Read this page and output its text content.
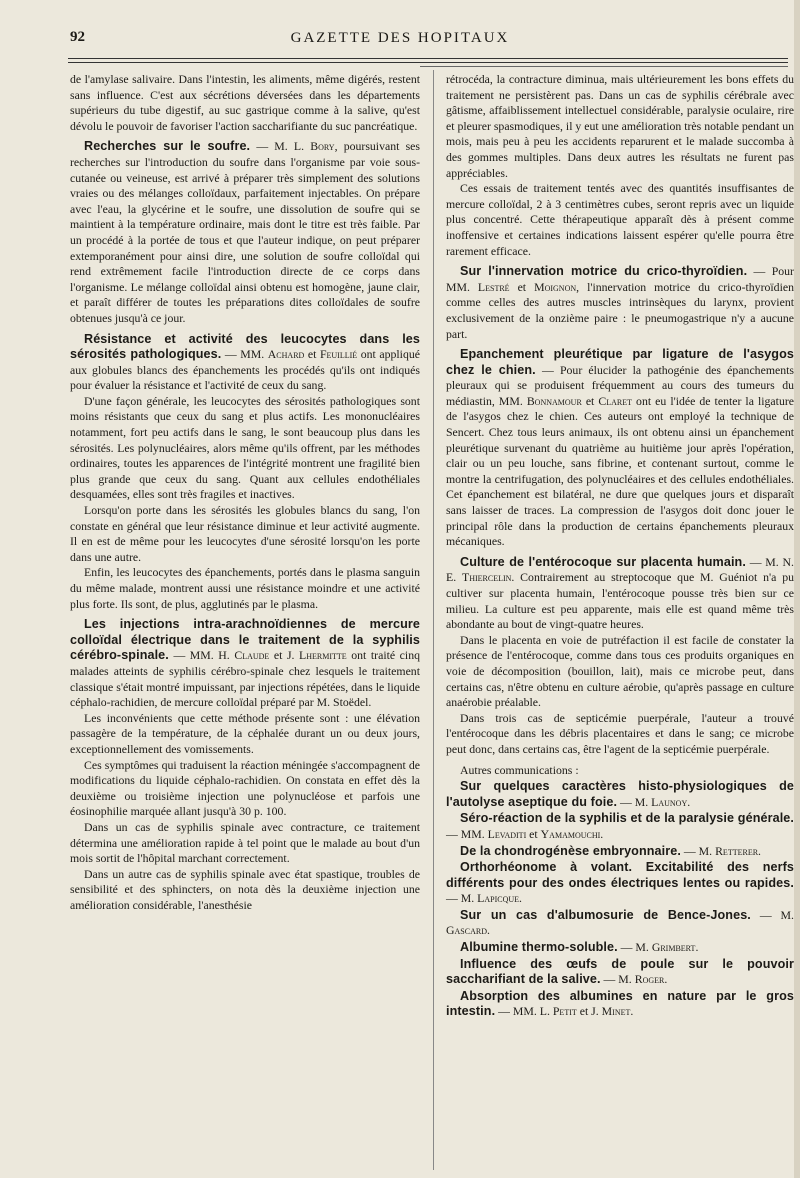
92	GAZETTE DES HOPITAUX

de l'amylase salivaire. Dans l'intestin, les aliments, même digérés, restent sans influence. C'est aux sécrétions déversées dans les départements supérieurs du tube digestif, au suc gastrique comme à la salive, qu'est dévolu le pouvoir de favoriser l'action saccharifiante du suc pancréatique.

Recherches sur le soufre. — M. L. Bory, poursuivant ses recherches sur l'introduction du soufre dans l'organisme par voie sous-cutanée ou veineuse, est arrivé à préparer très simplement des solutions vraies ou des mélanges colloïdaux, parfaitement injectables. On prépare avec l'eau, la glycérine et le soufre, une dissolution de soufre qui se maintient à la température ordinaire, mais dont le titre est très faible. Par un procédé à la portée de tous et que l'auteur indique, on peut préparer extemporanément pour ainsi dire, une solution de soufre colloïdal qui rend extrêmement facile l'introduction directe de ce corps dans l'organisme. Le mélange colloïdal ainsi obtenu est homogène, jaune clair, et paraît différer de toutes les préparations dites colloïdales de soufre obtenues jusqu'à ce jour.

Résistance et activité des leucocytes dans les sérosités pathologiques. — MM. Achard et Feuillié ont appliqué aux globules blancs des épanchements les procédés qu'ils ont indiqués pour évaluer la résistance et l'activité de ceux du sang.

D'une façon générale, les leucocytes des sérosités pathologiques sont moins résistants que ceux du sang et plus actifs. Les mononucléaires notamment, fort peu actifs dans le sang, le sont beaucoup plus dans les sérosités. Les polynucléaires, alors même qu'ils offrent, par les méthodes ordinaires, toutes les apparences de l'intégrité montrent une fragilité bien plus grande que ceux du sang. Quant aux cellules endothéliales desquamées, elles sont très fragiles et inactives.

Lorsqu'on porte dans les sérosités les globules blancs du sang, l'on constate en général que leur résistance diminue et leur activité augmente. Il en est de même pour les leucocytes d'une sérosité lorsqu'on les porte dans une autre.

Enfin, les leucocytes des épanchements, portés dans le plasma sanguin du même malade, montrent aussi une résistance moindre et une activité plus forte. Ils sont, de plus, agglutinés par le plasma.

Les injections intra-arachnoïdiennes de mercure colloïdal électrique dans le traitement de la syphilis cérébro-spinale. — MM. H. Claude et J. Lhermitte ont traité cinq malades atteints de syphilis cérébro-spinale chez lesquels le traitement classique s'était montré impuissant, par injections répétées, dans le liquide céphalo-rachidien, de mercure colloïdal préparé par M. Stoëdel.

Les inconvénients que cette méthode présente sont : une élévation passagère de la température, de la céphalée durant un ou deux jours, exceptionnellement des vomissements.

Ces symptômes qui traduisent la réaction méningée s'accompagnent de modifications du liquide céphalo-rachidien. On constata en effet dès la deuxième ou troisième injection une polynucléose et parfois une éosinophilie marquée allant jusqu'à 30 p. 100.

Dans un cas de syphilis spinale avec contracture, ce traitement détermina une amélioration rapide à tel point que le malade au bout d'un mois sortit de l'hôpital marchant correctement.

Dans un autre cas de syphilis spinale avec état spastique, troubles de sensibilité et des sphincters, on nota dès la deuxième injection une amélioration considérable, l'anesthésie

rétrocéda, la contracture diminua, mais ultérieurement les bons effets du traitement ne persistèrent pas. Dans un cas de syphilis cérébrale avec gâtisme, affaiblissement intellectuel considérable, paralysie oculaire, rire et pleurer spasmodiques, il y eut une amélioration très notable pendant un mois, mais peu à peu les accidents reparurent et le malade succomba à des gommes multiples. Dans deux autres les résultats ne furent pas appréciables.

Ces essais de traitement tentés avec des quantités insuffisantes de mercure colloïdal, 2 à 3 centimètres cubes, seront repris avec un liquide plus concentré. Cette thérapeutique apparaît dès à présent comme inoffensive et certaines indications laissent espérer qu'elle pourra être rarement efficace.

Sur l'innervation motrice du crico-thyroïdien. — Pour MM. Lestré et Moignon, l'innervation motrice du crico-thyroïdien comme celles des autres muscles intrinsèques du larynx, provient exclusivement de la onzième paire : le pneumogastrique n'y a aucune part.

Epanchement pleurétique par ligature de l'asygos chez le chien. — Pour élucider la pathogénie des épanchements pleuraux qui se produisent fréquemment au cours des tumeurs du médiastin, MM. Bonnamour et Claret ont eu l'idée de tenter la ligature de l'asygos chez le chien. Ces auteurs ont employé la technique de Sencert. Chez tous leurs animaux, ils ont obtenu ainsi un épanchement pleurétique survenant du quatrième au huitième jour après l'opération, clair ou un peu louche, sans fibrine, et contenant surtout, comme le montre la centrifugation, des polynucléaires et des cellules endothéliales. Cet épanchement est bilatéral, ne dure que quelques jours et disparaît sans laisser de traces. La compression de l'asygos doit donc jouer le principal rôle dans la production de certains épanchements pleuraux mécaniques.

Culture de l'entérocoque sur placenta humain. — M. N. E. Thiercelin. Contrairement au streptocoque que M. Guéniot n'a pu cultiver sur placenta humain, l'entérocoque pousse très bien sur ce milieu. La culture est peu apparente, mais elle est quand même très abondante au bout de vingt-quatre heures.

Dans le placenta en voie de putréfaction il est facile de constater la présence de l'entérocoque, comme dans tous ces produits organiques en voie de décomposition (bouillon, lait), mais ce microbe peut, dans certains cas, n'être obtenu en culture aérobie, qu'après passage en culture anaérobie préalable.

Dans trois cas de septicémie puerpérale, l'auteur a trouvé l'entérocoque dans les débris placentaires et dans le sang; ce microbe peut donc, dans certains cas, être l'agent de la septicémie puerpérale.

Autres communications :

Sur quelques caractères histo-physiologiques de l'autolyse aseptique du foie. — M. Launoy.

Séro-réaction de la syphilis et de la paralysie générale. — MM. Levaditi et Yamamouchi.

De la chondrogénèse embryonnaire. — M. Retterer.

Orthorhéonome à volant. Excitabilité des nerfs différents pour des ondes électriques lentes ou rapides. — M. Lapicque.

Sur un cas d'albumosurie de Bence-Jones. — M. Gascard.

Albumine thermo-soluble. — M. Grimbert.

Influence des œufs de poule sur le pouvoir saccharifiant de la salive. — M. Roger.

Absorption des albumines en nature par le gros intestin. — MM. L. Petit et J. Minet.
